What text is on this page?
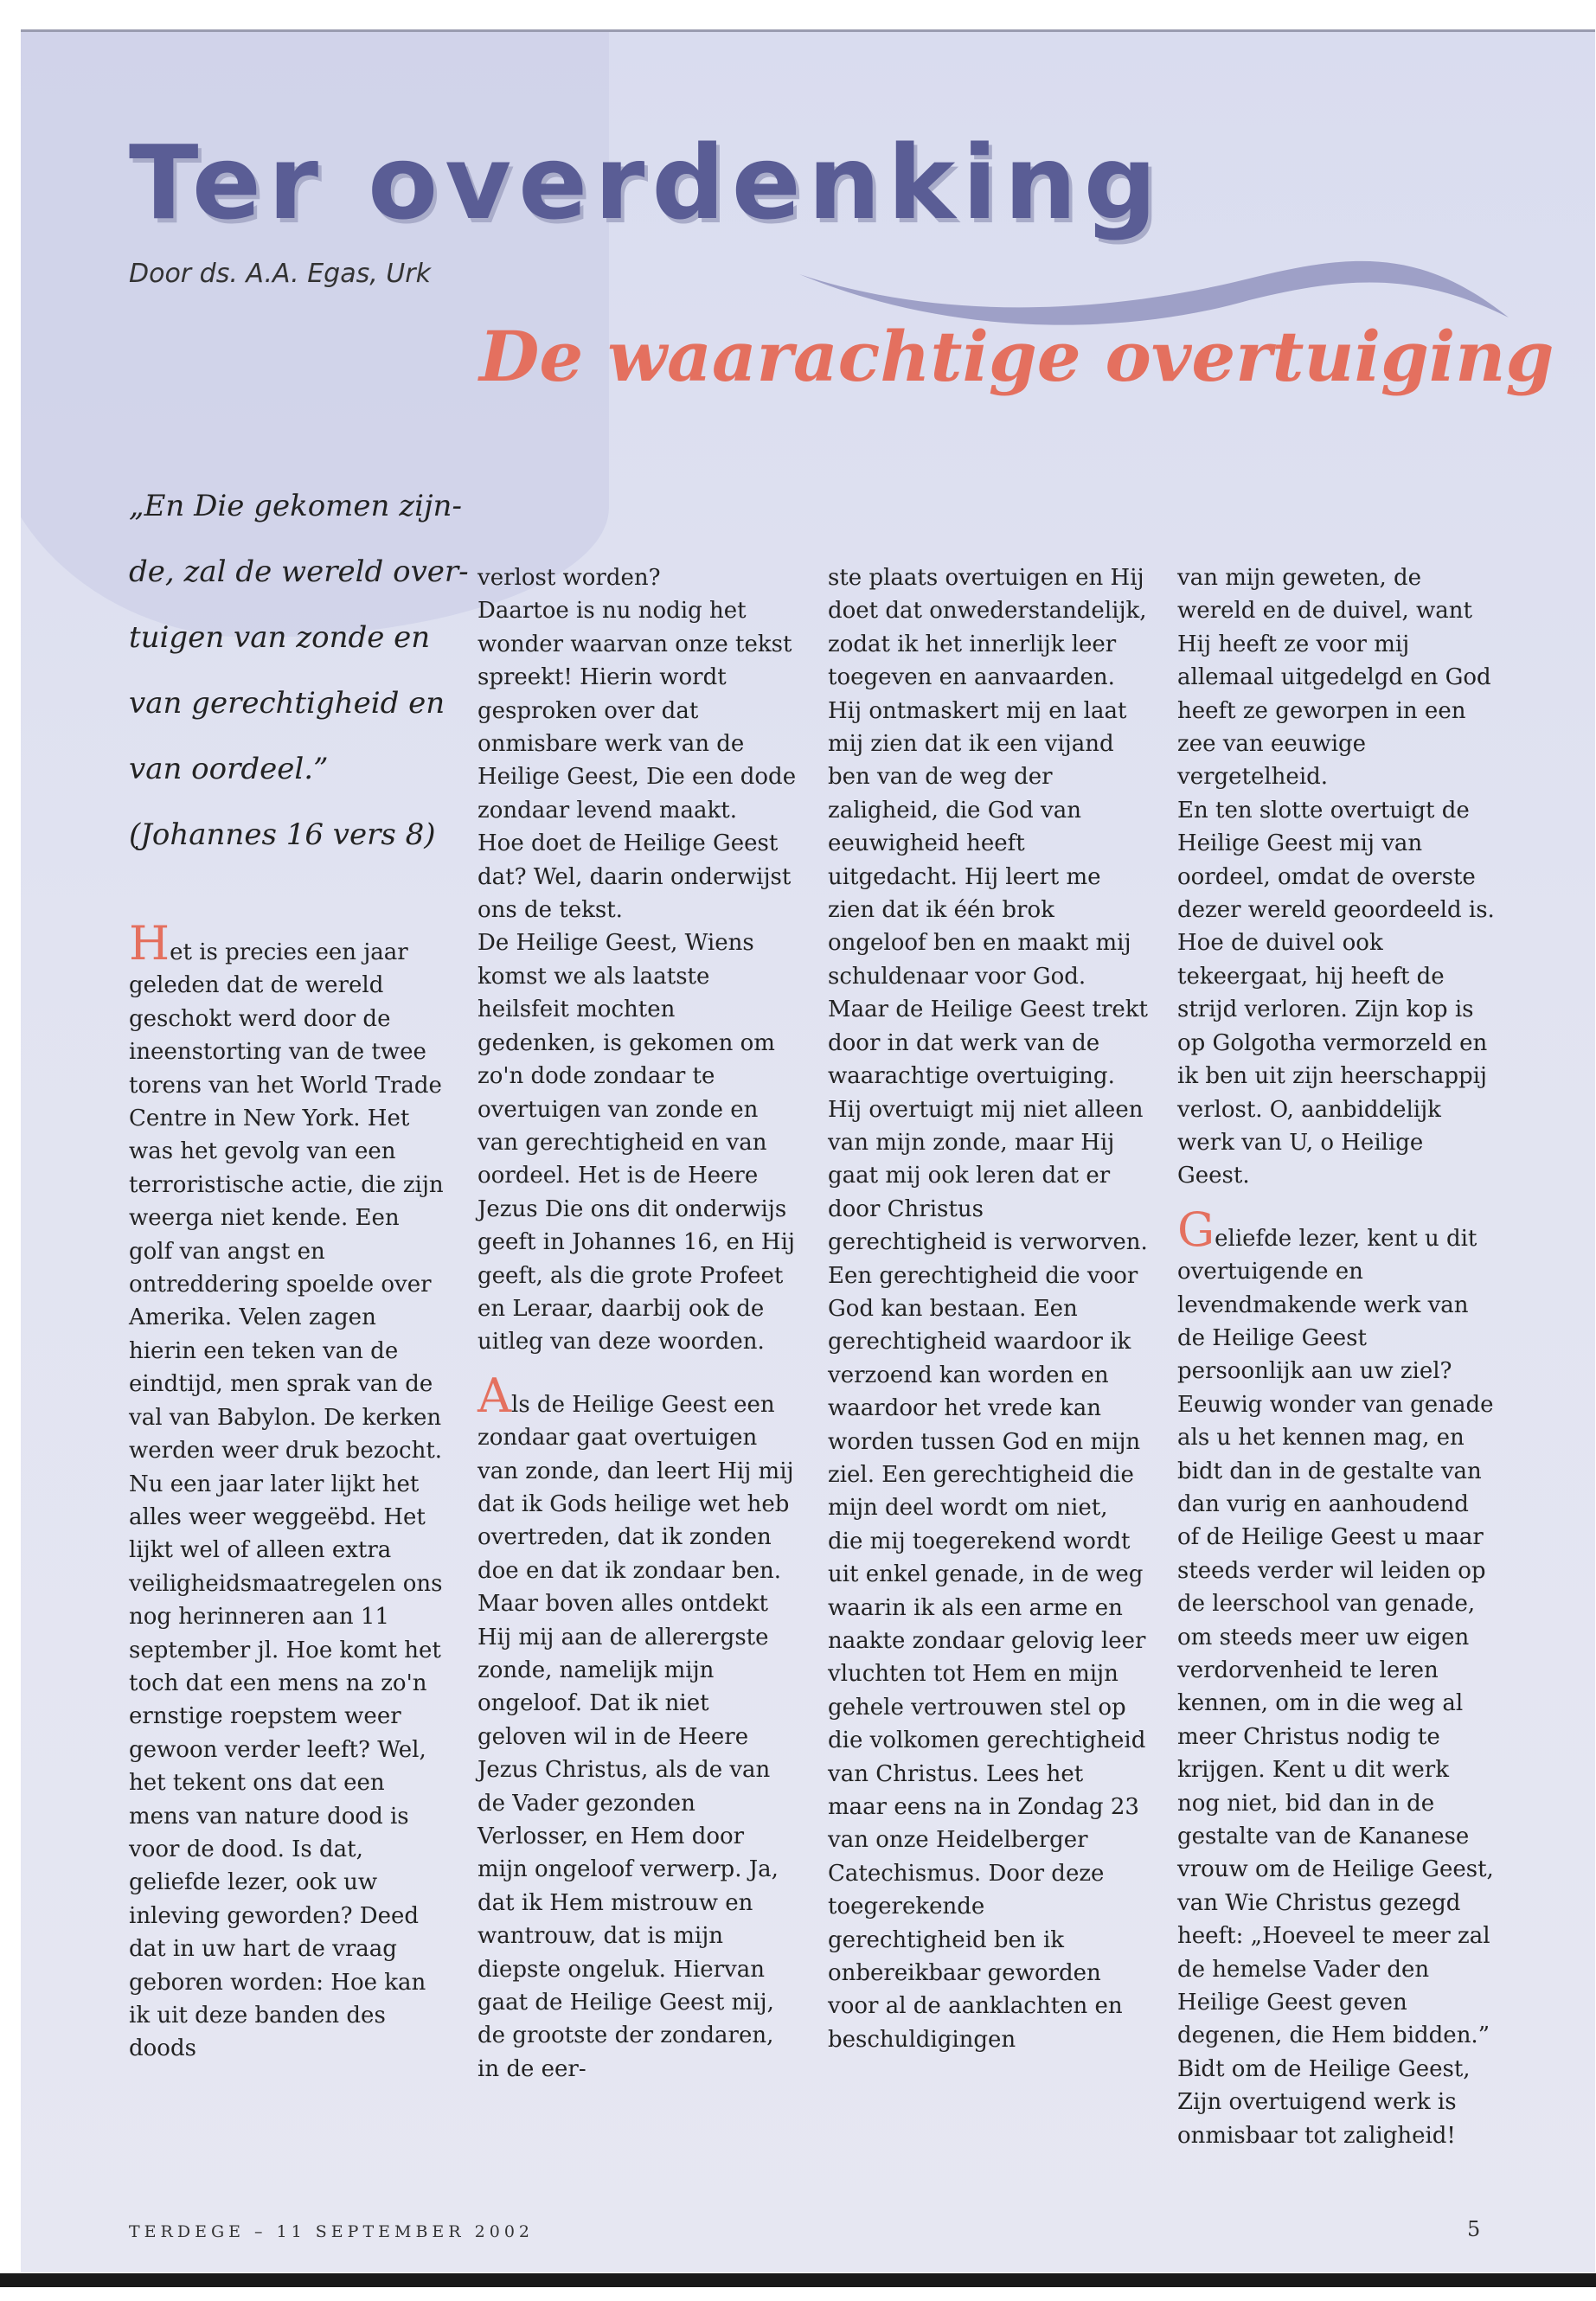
Ter overdenking
Door ds. A.A. Egas, Urk
De waarachtige overtuiging

„En Die gekomen zijn-

de, zal de wereld over-

tuigen van zonde en

van gerechtigheid en

van oordeel.”

(Johannes 16 vers 8)

Het is precies een jaar geleden dat de wereld geschokt werd door de ineenstorting van de twee torens van het World Trade Centre in New York. Het was het gevolg van een terroristische actie, die zijn weerga niet kende. Een golf van angst en ontreddering spoelde over Amerika. Velen zagen hierin een teken van de eindtijd, men sprak van de val van Babylon. De kerken werden weer druk bezocht.

Nu een jaar later lijkt het alles weer weggeëbd. Het lijkt wel of alleen extra veiligheidsmaatregelen ons nog herinneren aan 11 september jl. Hoe komt het toch dat een mens na zo'n ernstige roepstem weer gewoon verder leeft? Wel, het tekent ons dat een mens van nature dood is voor de dood. Is dat, geliefde lezer, ook uw inleving geworden? Deed dat in uw hart de vraag geboren worden: Hoe kan ik uit deze banden des doods

verlost worden?

Daartoe is nu nodig het wonder waarvan onze tekst spreekt! Hierin wordt gesproken over dat onmisbare werk van de Heilige Geest, Die een dode zondaar levend maakt.

Hoe doet de Heilige Geest dat? Wel, daarin onderwijst ons de tekst.

De Heilige Geest, Wiens komst we als laatste heilsfeit mochten gedenken, is gekomen om zo'n dode zondaar te overtuigen van zonde en van gerechtigheid en van oordeel. Het is de Heere Jezus Die ons dit onderwijs geeft in Johannes 16, en Hij geeft, als die grote Profeet en Leraar, daarbij ook de uitleg van deze woorden.

Als de Heilige Geest een zondaar gaat overtuigen van zonde, dan leert Hij mij dat ik Gods heilige wet heb overtreden, dat ik zonden doe en dat ik zondaar ben. Maar boven alles ontdekt Hij mij aan de allerergste zonde, namelijk mijn ongeloof. Dat ik niet geloven wil in de Heere Jezus Christus, als de van de Vader gezonden Verlosser, en Hem door mijn ongeloof verwerp. Ja, dat ik Hem mistrouw en wantrouw, dat is mijn diepste ongeluk. Hiervan gaat de Heilige Geest mij, de grootste der zondaren, in de eer-

ste plaats overtuigen en Hij doet dat onwederstandelijk, zodat ik het innerlijk leer toegeven en aanvaarden. Hij ontmaskert mij en laat mij zien dat ik een vijand ben van de weg der zaligheid, die God van eeuwigheid heeft uitgedacht. Hij leert me zien dat ik één brok ongeloof ben en maakt mij schuldenaar voor God.

Maar de Heilige Geest trekt door in dat werk van de waarachtige overtuiging. Hij overtuigt mij niet alleen van mijn zonde, maar Hij gaat mij ook leren dat er door Christus gerechtigheid is verworven. Een gerechtigheid die voor God kan bestaan. Een gerechtigheid waardoor ik verzoend kan worden en waardoor het vrede kan worden tussen God en mijn ziel. Een gerechtigheid die mijn deel wordt om niet, die mij toegerekend wordt uit enkel genade, in de weg waarin ik als een arme en naakte zondaar gelovig leer vluchten tot Hem en mijn gehele vertrouwen stel op die volkomen gerechtigheid van Christus. Lees het maar eens na in Zondag 23 van onze Heidelberger Catechismus. Door deze toegerekende gerechtigheid ben ik onbereikbaar geworden voor al de aanklachten en beschuldigingen

van mijn geweten, de wereld en de duivel, want Hij heeft ze voor mij allemaal uitgedelgd en God heeft ze geworpen in een zee van eeuwige vergetelheid.

En ten slotte overtuigt de Heilige Geest mij van oordeel, omdat de overste dezer wereld geoordeeld is. Hoe de duivel ook tekeergaat, hij heeft de strijd verloren. Zijn kop is op Golgotha vermorzeld en ik ben uit zijn heerschappij verlost. O, aanbiddelijk werk van U, o Heilige Geest.

Geliefde lezer, kent u dit overtuigende en levendmakende werk van de Heilige Geest persoonlijk aan uw ziel? Eeuwig wonder van genade als u het kennen mag, en bidt dan in de gestalte van dan vurig en aanhoudend of de Heilige Geest u maar steeds verder wil leiden op de leerschool van genade, om steeds meer uw eigen verdorvenheid te leren kennen, om in die weg al meer Christus nodig te krijgen. Kent u dit werk nog niet, bid dan in de gestalte van de Kananese vrouw om de Heilige Geest, van Wie Christus gezegd heeft: „Hoeveel te meer zal de hemelse Vader den Heilige Geest geven degenen, die Hem bidden.”

Bidt om de Heilige Geest, Zijn overtuigend werk is onmisbaar tot zaligheid!

TERDEGE – 11 SEPTEMBER 2002	5
